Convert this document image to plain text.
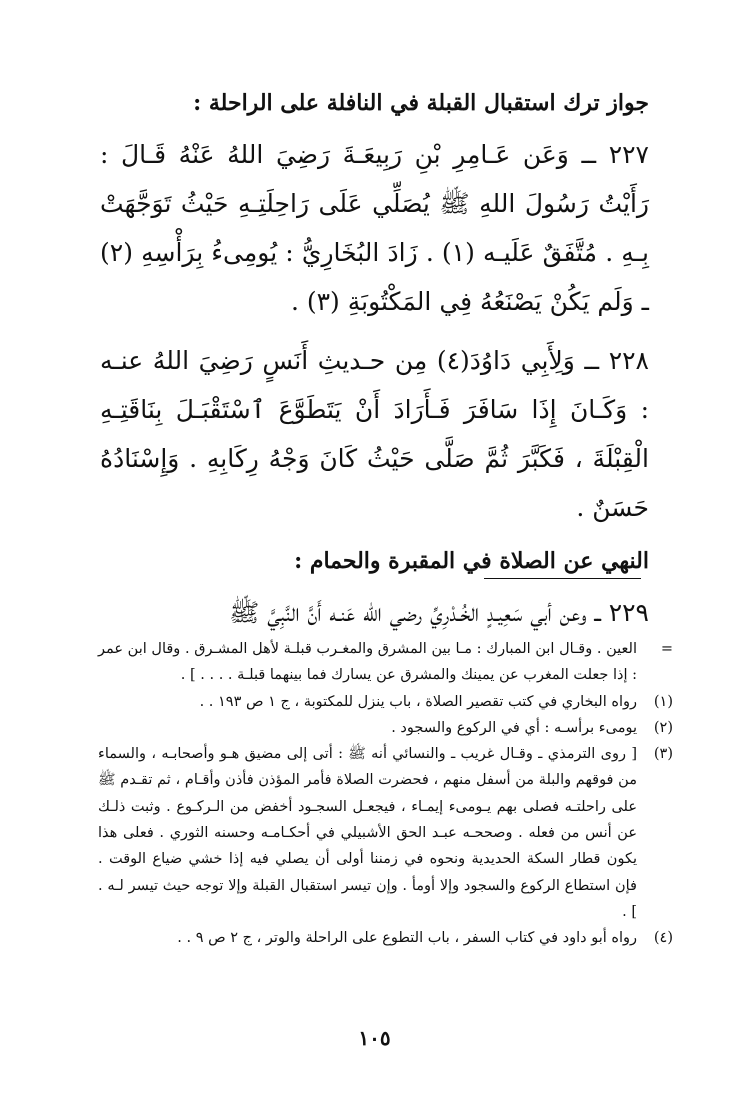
جواز ترك استقبال القبلة في النافلة على الراحلة :

٢٢٧ ــ وَعَن عَـامِرِ بْنِ رَبِيعَـةَ رَضِيَ اللهُ عَنْهُ قَـالَ : رَأَيْتُ رَسُولَ اللهِ ﷺ يُصَلِّي عَلَى رَاحِلَتِـهِ حَيْثُ تَوَجَّهَتْ بِـهِ . مُتَّفَقٌ عَلَيـه (١) . زَادَ البُخَارِيُّ : يُومِىءُ بِرَأْسِهِ (٢) ـ وَلَم يَكُنْ يَصْنَعُهُ فِي المَكْتُوبَةِ (٣) .

٢٢٨ ــ وَلِأَبِي دَاوُدَ(٤) مِن حـديثِ أَنَسٍ رَضِيَ اللهُ عنـه : وَكَـانَ إِذَا سَافَرَ فَـأَرَادَ أَنْ يَتَطَوَّعَ ٱسْتَقْبَـلَ بِنَاقَتِـهِ الْقِبْلَةَ ، فَكَبَّرَ ثُمَّ صَلَّى حَيْثُ كَانَ وَجْهُ رِكَابِهِ . وَإِسْنَادُهُ حَسَنٌ .

النهي عن الصلاة في المقبرة والحمام :

٢٢٩ ــ وعن أبي سَعِيـدٍ الخُـدْرِيِّ رضي الله عَنـه أَنَّ النَّبِيَّ ﷺ

=
العين . وقـال ابن المبارك : مـا بين المشرق والمغـرب قبلـة لأهل المشـرق . وقال ابن عمر : إذا جعلت المغرب عن يمينك والمشرق عن يسارك فما بينهما قبلـة . . . . ] .

(١)
رواه البخاري في كتب تقصير الصلاة ، باب ينزل للمكتوبة ، ج ١ ص ١٩٣ . .

(٢)
يومىء برأسـه : أي في الركوع والسجود .

(٣)
[ روى الترمذي ـ وقـال غريب ـ والنسائي أنه ﷺ : أتى إلى مضيق هـو وأصحابـه ، والسماء من فوقهم والبلة من أسفل منهم ، فحضرت الصلاة فأمر المؤذن فأذن وأقـام ، ثم تقـدم ﷺ على راحلتـه فصلى بهم يـومىء إيمـاء ، فيجعـل السجـود أخفض من الـركـوع . وثبت ذلـك عن أنس من فعله . وصححـه عبـد الحق الأشبيلي في أحكـامـه وحسنه الثوري . فعلى هذا يكون قطار السكة الحديدية ونحوه في زمننا أولى أن يصلي فيه إذا خشي ضياع الوقت . فإن استطاع الركوع والسجود وإلا أومأ . وإن تيسر استقبال القبلة وإلا توجه حيث تيسر لـه . ] .

(٤)
رواه أبو داود في كتاب السفر ، باب التطوع على الراحلة والوتر ، ج ٢ ص ٩ . .

١٠٥
